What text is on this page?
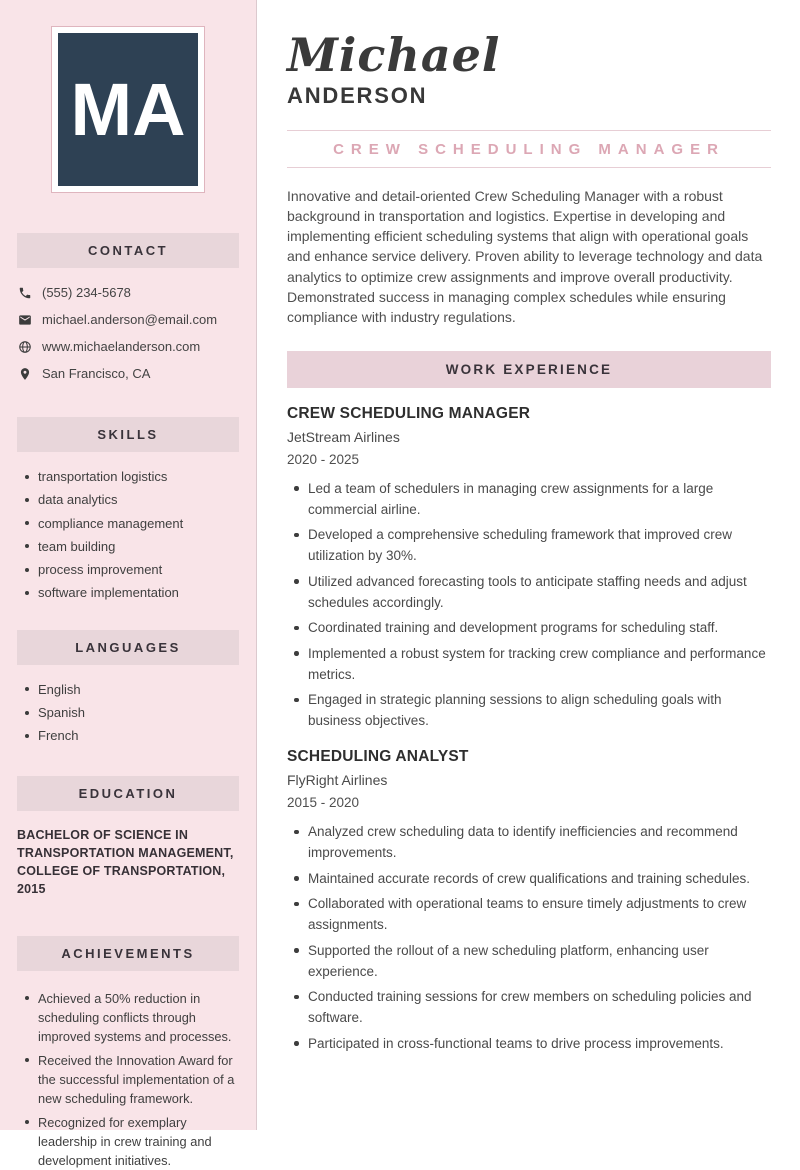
MA
CONTACT
(555) 234-5678
michael.anderson@email.com
www.michaelanderson.com
San Francisco, CA
SKILLS
transportation logistics
data analytics
compliance management
team building
process improvement
software implementation
LANGUAGES
English
Spanish
French
EDUCATION
BACHELOR OF SCIENCE IN TRANSPORTATION MANAGEMENT, COLLEGE OF TRANSPORTATION, 2015
ACHIEVEMENTS
Achieved a 50% reduction in scheduling conflicts through improved systems and processes.
Received the Innovation Award for the successful implementation of a new scheduling framework.
Recognized for exemplary leadership in crew training and development initiatives.
Michael
ANDERSON
CREW SCHEDULING MANAGER

Innovative and detail-oriented Crew Scheduling Manager with a robust background in transportation and logistics. Expertise in developing and implementing efficient scheduling systems that align with operational goals and enhance service delivery. Proven ability to leverage technology and data analytics to optimize crew assignments and improve overall productivity. Demonstrated success in managing complex schedules while ensuring compliance with industry regulations.

WORK EXPERIENCE
CREW SCHEDULING MANAGER
JetStream Airlines
2020 - 2025
Led a team of schedulers in managing crew assignments for a large commercial airline.
Developed a comprehensive scheduling framework that improved crew utilization by 30%.
Utilized advanced forecasting tools to anticipate staffing needs and adjust schedules accordingly.
Coordinated training and development programs for scheduling staff.
Implemented a robust system for tracking crew compliance and performance metrics.
Engaged in strategic planning sessions to align scheduling goals with business objectives.
SCHEDULING ANALYST
FlyRight Airlines
2015 - 2020
Analyzed crew scheduling data to identify inefficiencies and recommend improvements.
Maintained accurate records of crew qualifications and training schedules.
Collaborated with operational teams to ensure timely adjustments to crew assignments.
Supported the rollout of a new scheduling platform, enhancing user experience.
Conducted training sessions for crew members on scheduling policies and software.
Participated in cross-functional teams to drive process improvements.
